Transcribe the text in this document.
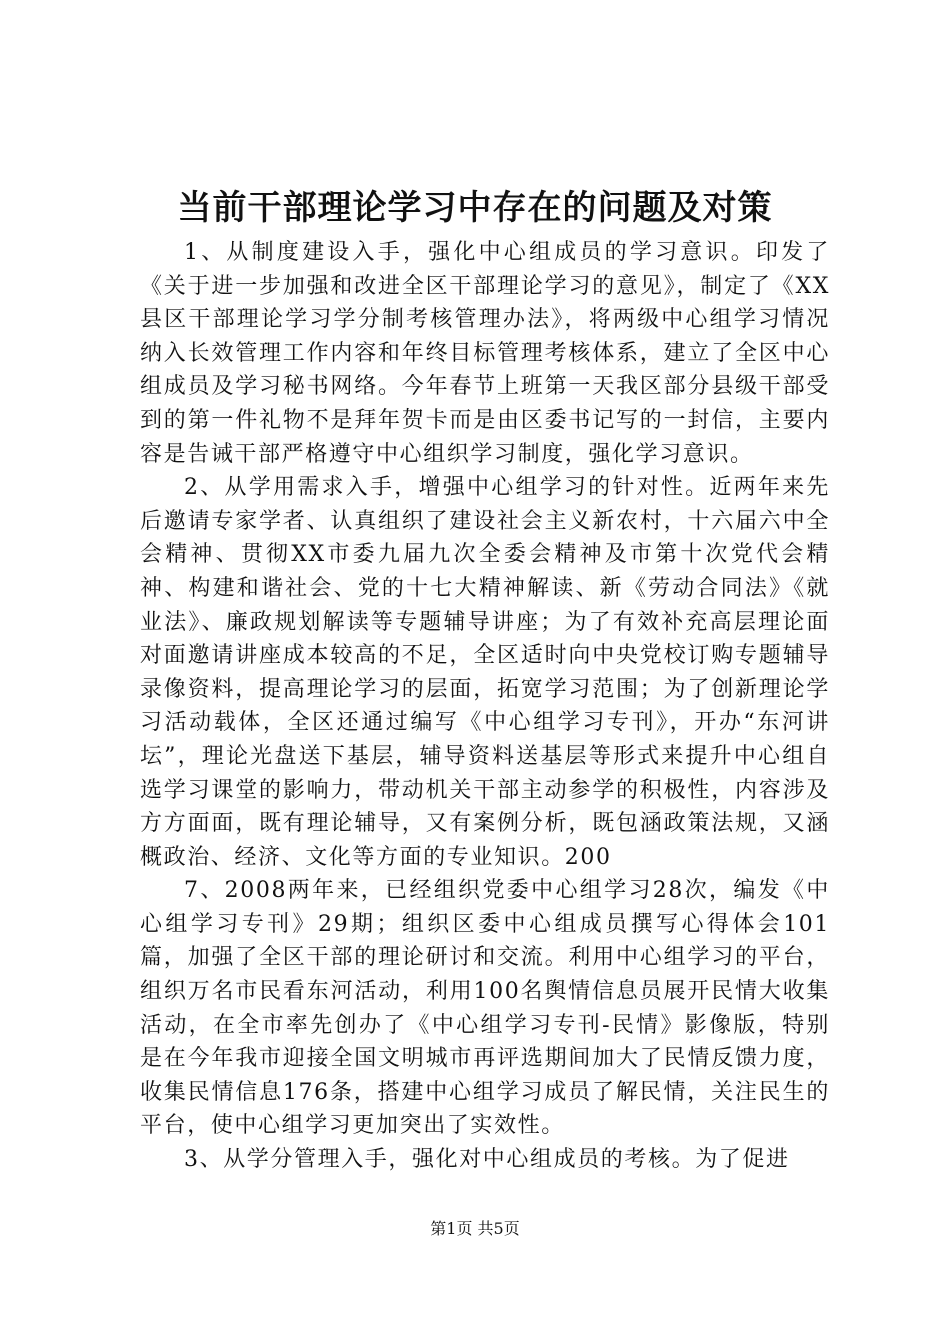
当前干部理论学习中存在的问题及对策

1、从制度建设入手，强化中心组成员的学习意识。印发了《关于进一步加强和改进全区干部理论学习的意见》，制定了《XX县区干部理论学习学分制考核管理办法》，将两级中心组学习情况纳入长效管理工作内容和年终目标管理考核体系，建立了全区中心组成员及学习秘书网络。今年春节上班第一天我区部分县级干部受到的第一件礼物不是拜年贺卡而是由区委书记写的一封信，主要内容是告诫干部严格遵守中心组织学习制度，强化学习意识。

2、从学用需求入手，增强中心组学习的针对性。近两年来先后邀请专家学者、认真组织了建设社会主义新农村，十六届六中全会精神、贯彻XX市委九届九次全委会精神及市第十次党代会精神、构建和谐社会、党的十七大精神解读、新《劳动合同法》《就业法》、廉政规划解读等专题辅导讲座；为了有效补充高层理论面对面邀请讲座成本较高的不足，全区适时向中央党校订购专题辅导录像资料，提高理论学习的层面，拓宽学习范围；为了创新理论学习活动载体，全区还通过编写《中心组学习专刊》，开办“东河讲坛”，理论光盘送下基层，辅导资料送基层等形式来提升中心组自选学习课堂的影响力，带动机关干部主动参学的积极性，内容涉及方方面面，既有理论辅导，又有案例分析，既包涵政策法规，又涵概政治、经济、文化等方面的专业知识。200

7、2008两年来，已经组织党委中心组学习28次，编发《中心组学习专刊》29期；组织区委中心组成员撰写心得体会101篇，加强了全区干部的理论研讨和交流。利用中心组学习的平台，组织万名市民看东河活动，利用100名舆情信息员展开民情大收集活动，在全市率先创办了《中心组学习专刊-民情》影像版，特别是在今年我市迎接全国文明城市再评选期间加大了民情反馈力度，收集民情信息176条，搭建中心组学习成员了解民情，关注民生的平台，使中心组学习更加突出了实效性。

3、从学分管理入手，强化对中心组成员的考核。为了促进

第1页 共5页
